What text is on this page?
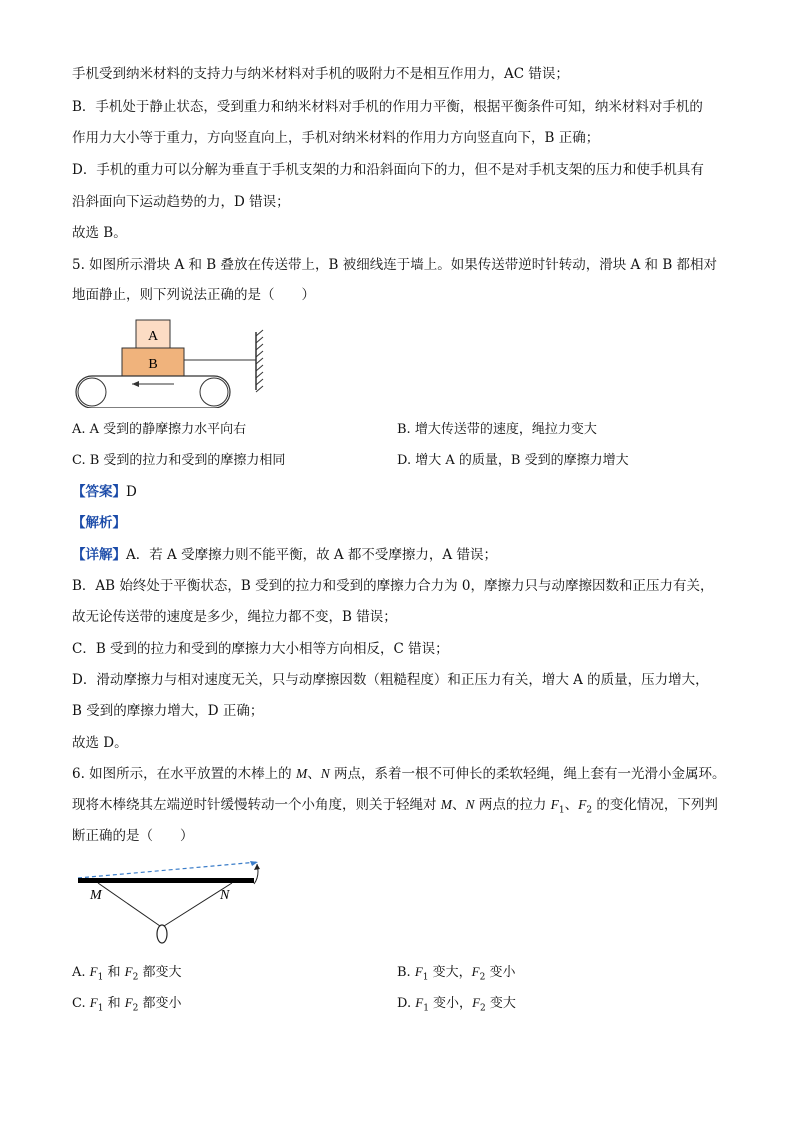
手机受到纳米材料的支持力与纳米材料对手机的吸附力不是相互作用力，AC 错误；
B．手机处于静止状态，受到重力和纳米材料对手机的作用力平衡，根据平衡条件可知，纳米材料对手机的
作用力大小等于重力，方向竖直向上，手机对纳米材料的作用力方向竖直向下，B 正确；
D．手机的重力可以分解为垂直于手机支架的力和沿斜面向下的力，但不是对手机支架的压力和使手机具有
沿斜面向下运动趋势的力，D 错误；
故选 B。
5. 如图所示滑块 A 和 B 叠放在传送带上，B 被细线连于墙上。如果传送带逆时针转动，滑块 A 和 B 都相对
地面静止，则下列说法正确的是（　　）
A
B
A. A 受到的静摩擦力水平向右	B. 增大传送带的速度，绳拉力变大
C. B 受到的拉力和受到的摩擦力相同	D. 增大 A 的质量，B 受到的摩擦力增大
【答案】D
【解析】
【详解】A．若 A 受摩擦力则不能平衡，故 A 都不受摩擦力，A 错误；
B．AB 始终处于平衡状态，B 受到的拉力和受到的摩擦力合力为 0，摩擦力只与动摩擦因数和正压力有关，
故无论传送带的速度是多少，绳拉力都不变，B 错误；
C．B 受到的拉力和受到的摩擦力大小相等方向相反，C 错误；
D．滑动摩擦力与相对速度无关，只与动摩擦因数（粗糙程度）和正压力有关，增大 A 的质量，压力增大，
B 受到的摩擦力增大，D 正确；
故选 D。
6. 如图所示，在水平放置的木棒上的 M、N 两点，系着一根不可伸长的柔软轻绳，绳上套有一光滑小金属环。
现将木棒绕其左端逆时针缓慢转动一个小角度，则关于轻绳对 M、N 两点的拉力 $F_1$、$F_2$ 的变化情况，下列判
断正确的是（　　）
M	N
A. $F_1$ 和 $F_2$ 都变大	B. $F_1$ 变大，$F_2$ 变小
C. $F_1$ 和 $F_2$ 都变小	D. $F_1$ 变小，$F_2$ 变大
